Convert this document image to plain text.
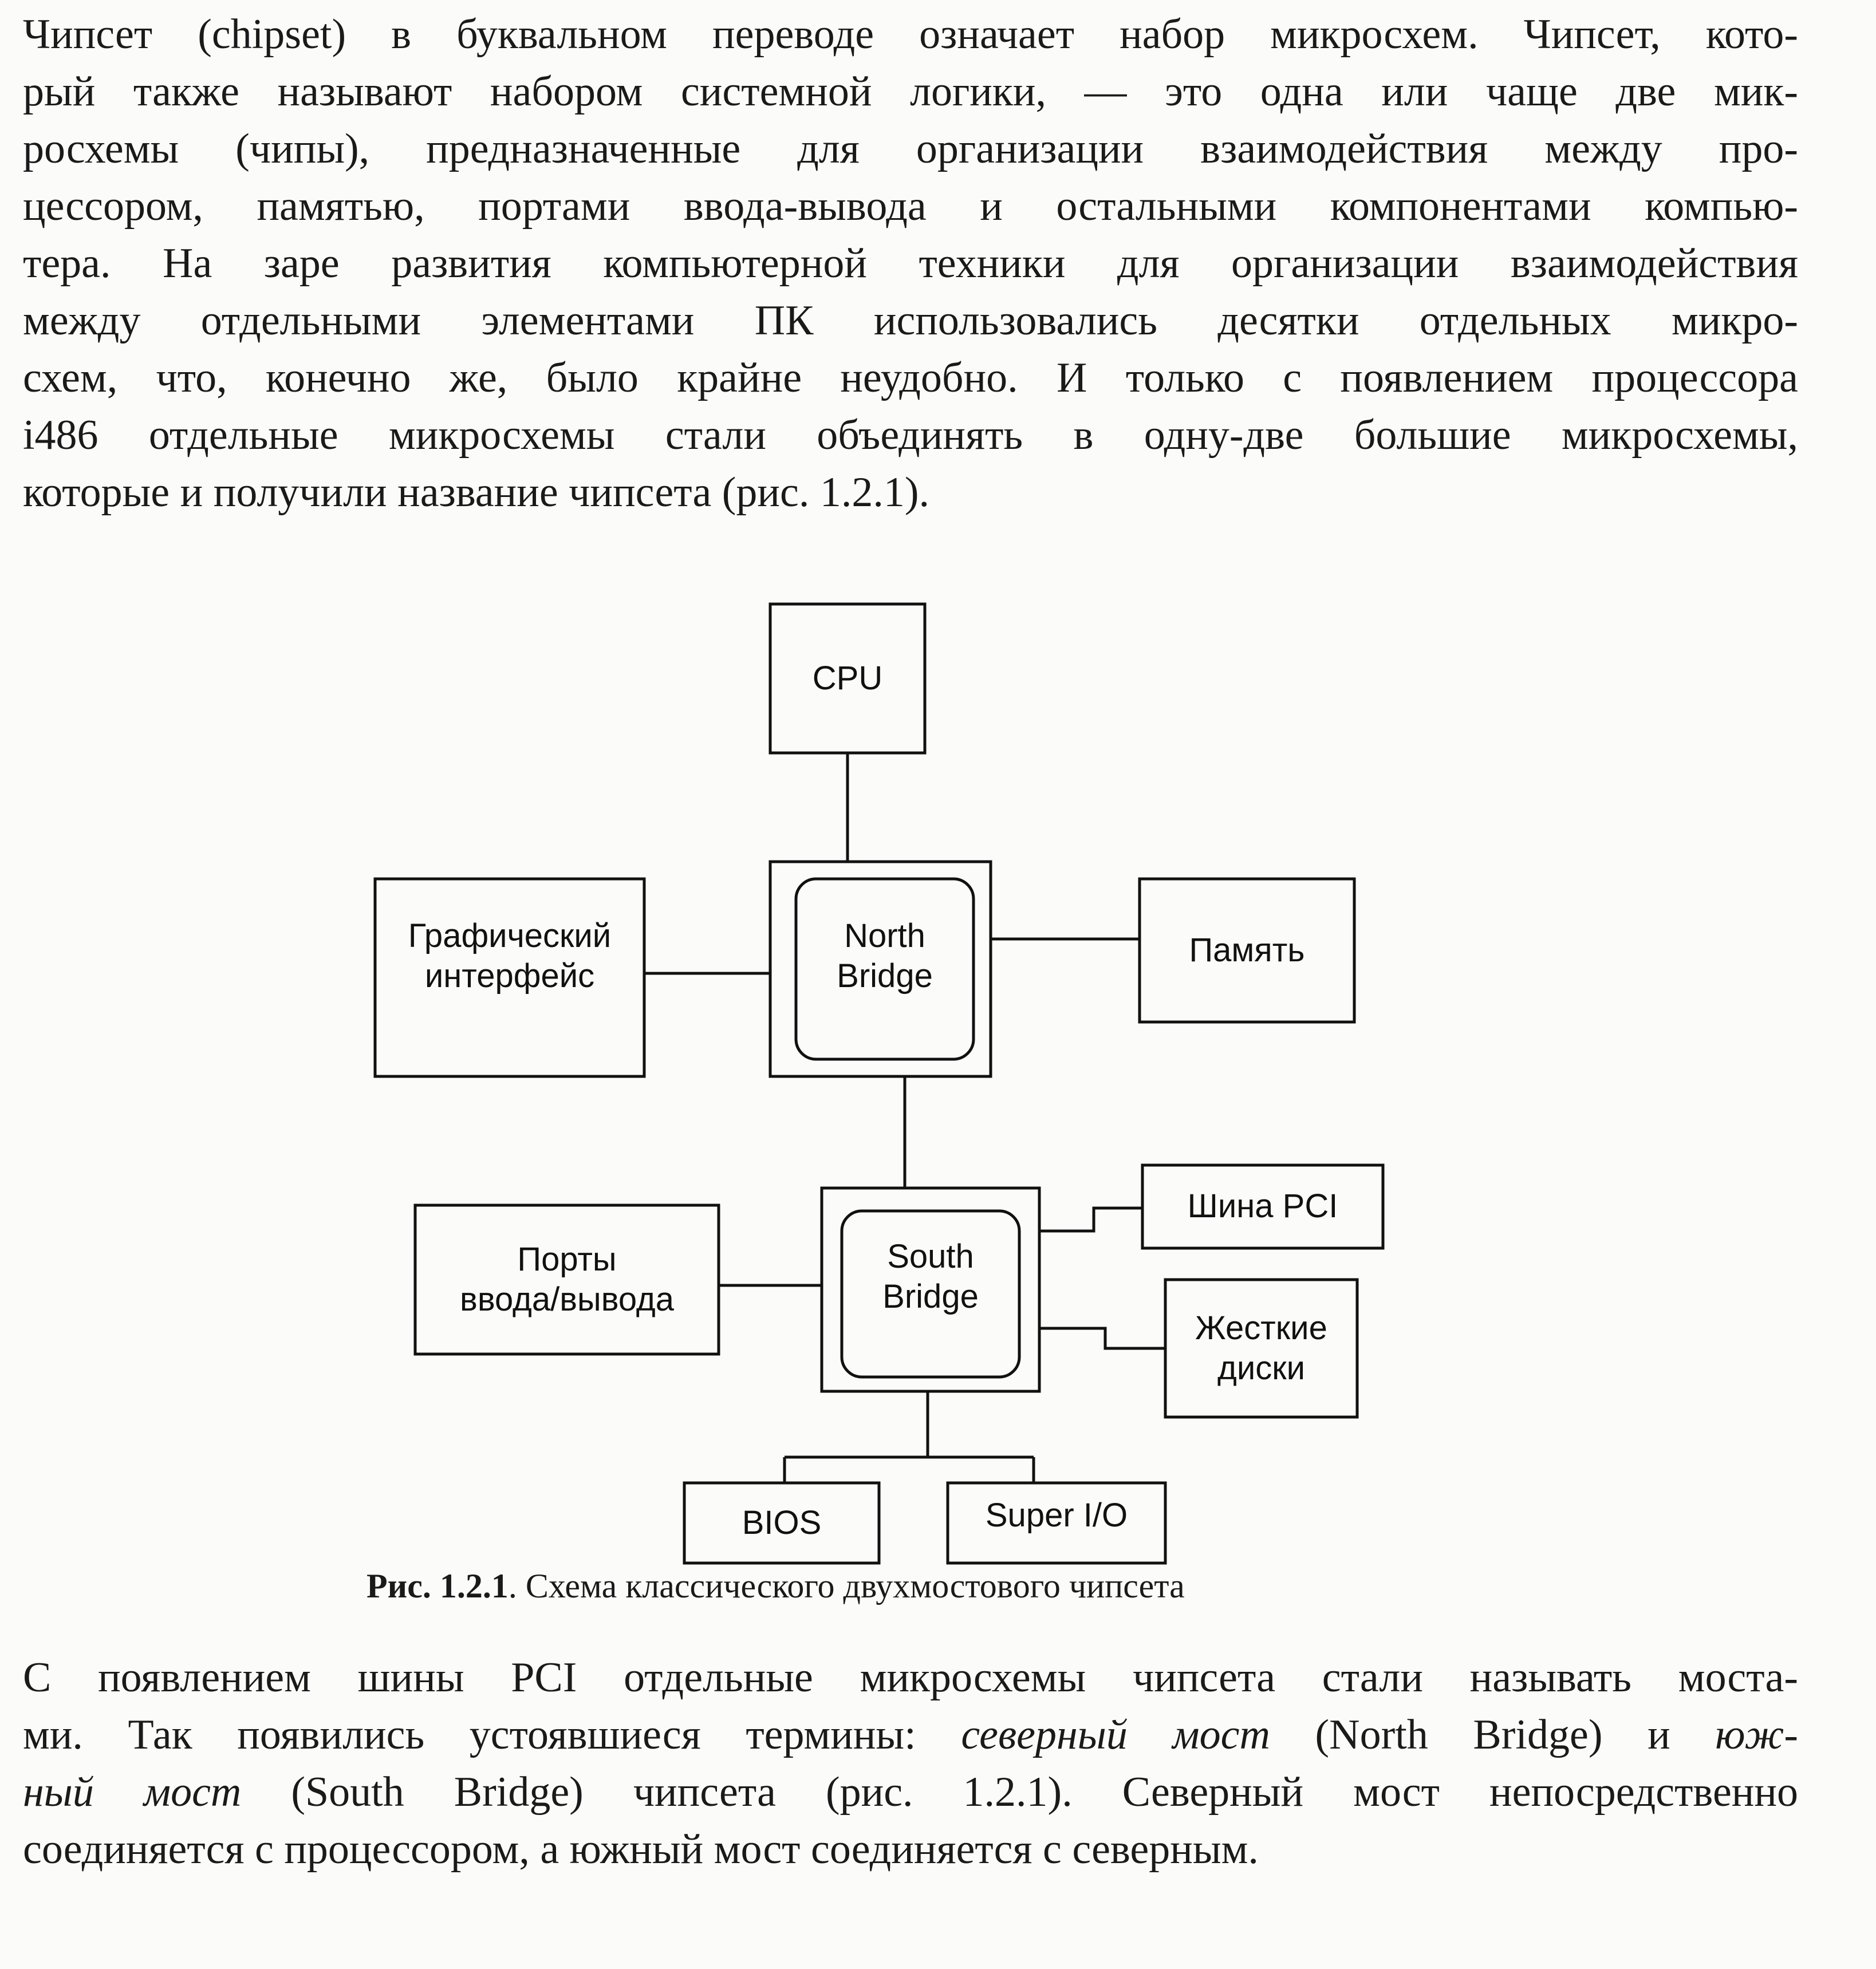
Чипсет (chipset) в буквальном переводе означает набор микросхем. Чипсет, кото-
рый также называют набором системной логики, — это одна или чаще две мик-
росхемы (чипы), предназначенные для организации взаимодействия между про-
цессором, памятью, портами ввода-вывода и остальными компонентами компью-
тера. На заре развития компьютерной техники для организации взаимодействия
между отдельными элементами ПК использовались десятки отдельных микро-
схем, что, конечно же, было крайне неудобно. И только с появлением процессора
i486 отдельные микросхемы стали объединять в одну-две большие микросхемы,
которые и получили название чипсета (рис. 1.2.1).

CPU
Графический
интерфейс
North
Bridge
Память
Шина PCI
Порты
ввода/вывода
South
Bridge
Жесткие
диски
BIOS	Super I/O
Рис. 1.2.1. Схема классического двухмостового чипсета

С появлением шины PCI отдельные микросхемы чипсета стали называть моста-
ми. Так появились устоявшиеся термины: северный мост (North Bridge) и юж-
ный мост (South Bridge) чипсета (рис. 1.2.1). Северный мост непосредственно
соединяется с процессором, а южный мост соединяется с северным.
